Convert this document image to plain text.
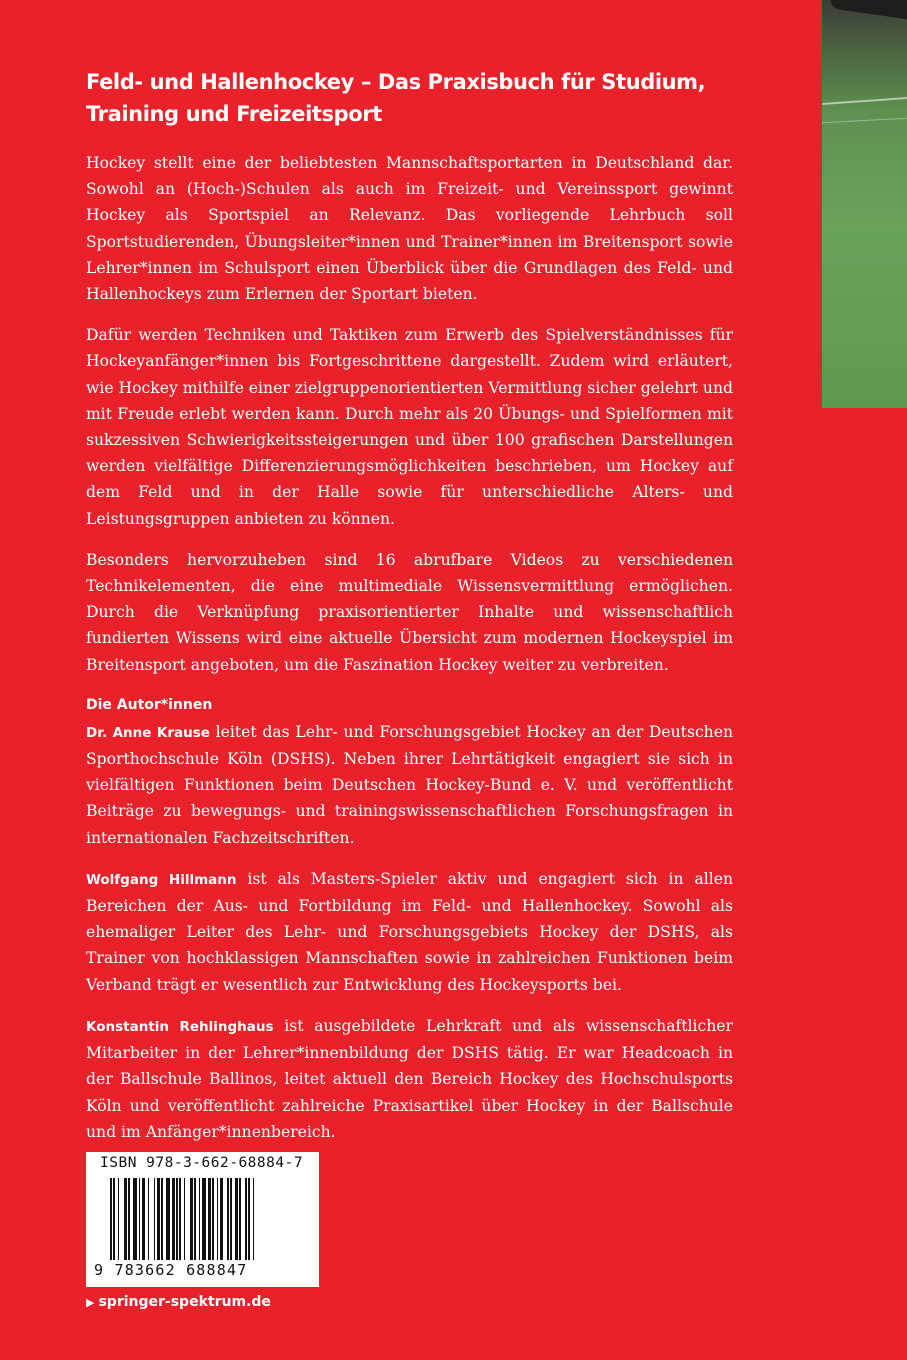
Feld- und Hallenhockey – Das Praxisbuch für Studium, Training und Freizeitsport

Hockey stellt eine der beliebtesten Mannschaftsportarten in Deutschland dar. Sowohl an (Hoch-)Schulen als auch im Freizeit- und Vereinssport gewinnt Hockey als Sportspiel an Relevanz. Das vorliegende Lehrbuch soll Sportstudierenden, Übungsleiter*innen und Trainer*innen im Breitensport sowie Lehrer*innen im Schulsport einen Überblick über die Grundlagen des Feld- und Hallenhockeys zum Erlernen der Sportart bieten.

Dafür werden Techniken und Taktiken zum Erwerb des Spielverständnisses für Hockeyanfänger*innen bis Fortgeschrittene dargestellt. Zudem wird erläutert, wie Hockey mithilfe einer zielgruppenorientierten Vermittlung sicher gelehrt und mit Freude erlebt werden kann. Durch mehr als 20 Übungs- und Spielformen mit sukzessiven Schwierigkeitssteigerungen und über 100 grafischen Darstellungen werden vielfältige Differenzierungsmöglichkeiten beschrieben, um Hockey auf dem Feld und in der Halle sowie für unterschiedliche Alters- und Leistungsgruppen anbieten zu können.

Besonders hervorzuheben sind 16 abrufbare Videos zu verschiedenen Technikelementen, die eine multimediale Wissensvermittlung ermöglichen. Durch die Verknüpfung praxisorientierter Inhalte und wissenschaftlich fundierten Wissens wird eine aktuelle Übersicht zum modernen Hockeyspiel im Breitensport angeboten, um die Faszination Hockey weiter zu verbreiten.

Die Autor*innen

Dr. Anne Krause leitet das Lehr- und Forschungsgebiet Hockey an der Deutschen Sporthochschule Köln (DSHS). Neben ihrer Lehrtätigkeit engagiert sie sich in vielfältigen Funktionen beim Deutschen Hockey-Bund e. V. und veröffentlicht Beiträge zu bewegungs- und trainingswissenschaftlichen Forschungsfragen in internationalen Fachzeitschriften.

Wolfgang Hillmann ist als Masters-Spieler aktiv und engagiert sich in allen Bereichen der Aus- und Fortbildung im Feld- und Hallenhockey. Sowohl als ehemaliger Leiter des Lehr- und Forschungsgebiets Hockey der DSHS, als Trainer von hochklassigen Mannschaften sowie in zahlreichen Funktionen beim Verband trägt er wesentlich zur Entwicklung des Hockeysports bei.

Konstantin Rehlinghaus ist ausgebildete Lehrkraft und als wissenschaftlicher Mitarbeiter in der Lehrer*innenbildung der DSHS tätig. Er war Headcoach in der Ballschule Ballinos, leitet aktuell den Bereich Hockey des Hochschulsports Köln und veröffentlicht zahlreiche Praxisartikel über Hockey in der Ballschule und im Anfänger*innenbereich.

ISBN 978-3-662-68884-7
9 783662 688847
▶ springer-spektrum.de
